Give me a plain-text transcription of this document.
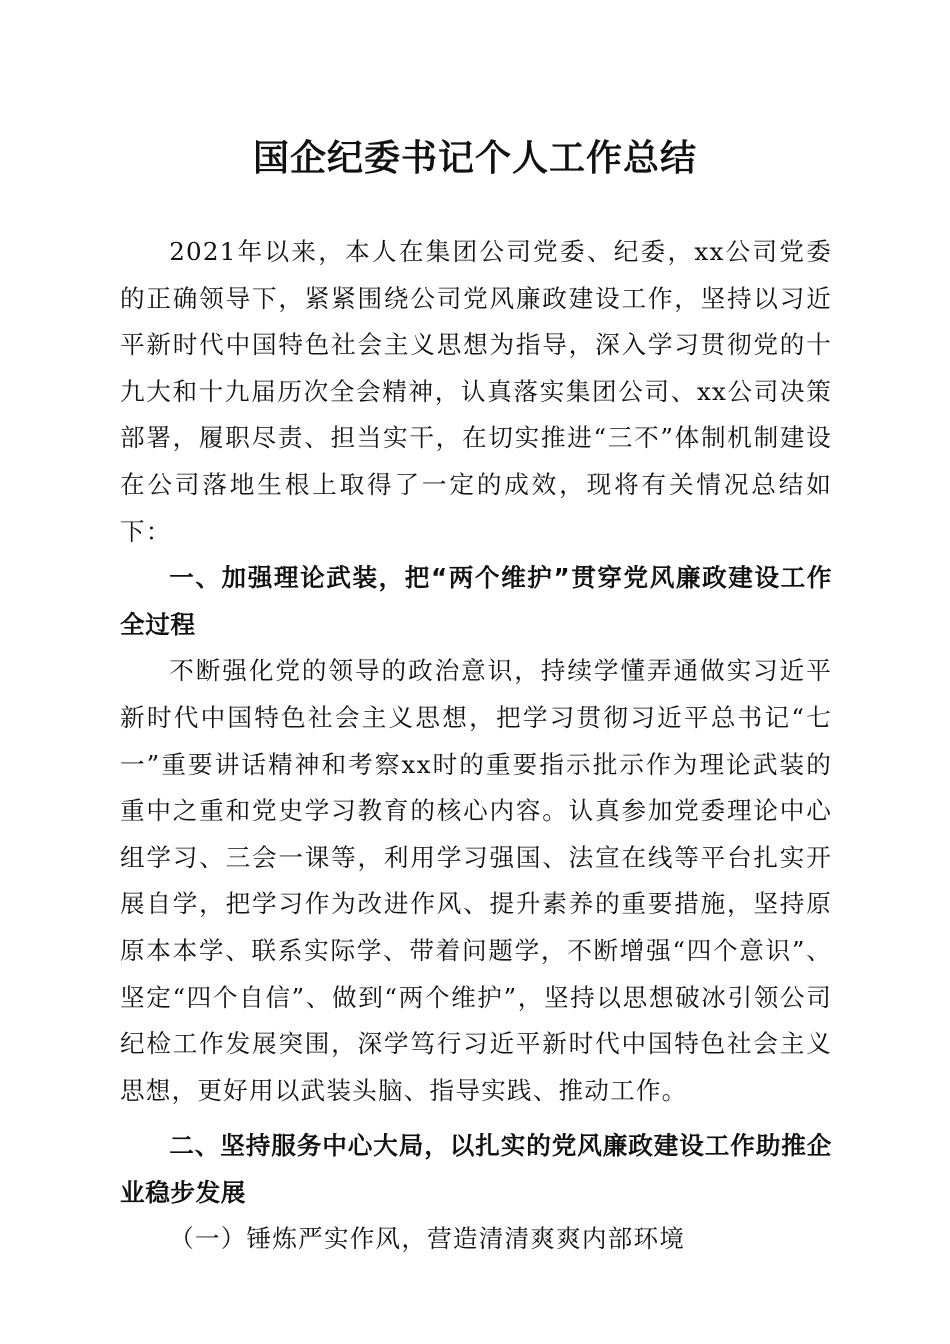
国企纪委书记个人工作总结

2021年以来，本人在集团公司党委、纪委，xx公司党委的正确领导下，紧紧围绕公司党风廉政建设工作，坚持以习近平新时代中国特色社会主义思想为指导，深入学习贯彻党的十九大和十九届历次全会精神，认真落实集团公司、xx公司决策部署，履职尽责、担当实干，在切实推进“三不”体制机制建设在公司落地生根上取得了一定的成效，现将有关情况总结如下：

一、加强理论武装，把“两个维护”贯穿党风廉政建设工作全过程

不断强化党的领导的政治意识，持续学懂弄通做实习近平新时代中国特色社会主义思想，把学习贯彻习近平总书记“七一”重要讲话精神和考察xx时的重要指示批示作为理论武装的重中之重和党史学习教育的核心内容。认真参加党委理论中心组学习、三会一课等，利用学习强国、法宣在线等平台扎实开展自学，把学习作为改进作风、提升素养的重要措施，坚持原原本本学、联系实际学、带着问题学，不断增强“四个意识”、坚定“四个自信”、做到“两个维护”，坚持以思想破冰引领公司纪检工作发展突围，深学笃行习近平新时代中国特色社会主义思想，更好用以武装头脑、指导实践、推动工作。

二、坚持服务中心大局，以扎实的党风廉政建设工作助推企业稳步发展

（一）锤炼严实作风，营造清清爽爽内部环境
